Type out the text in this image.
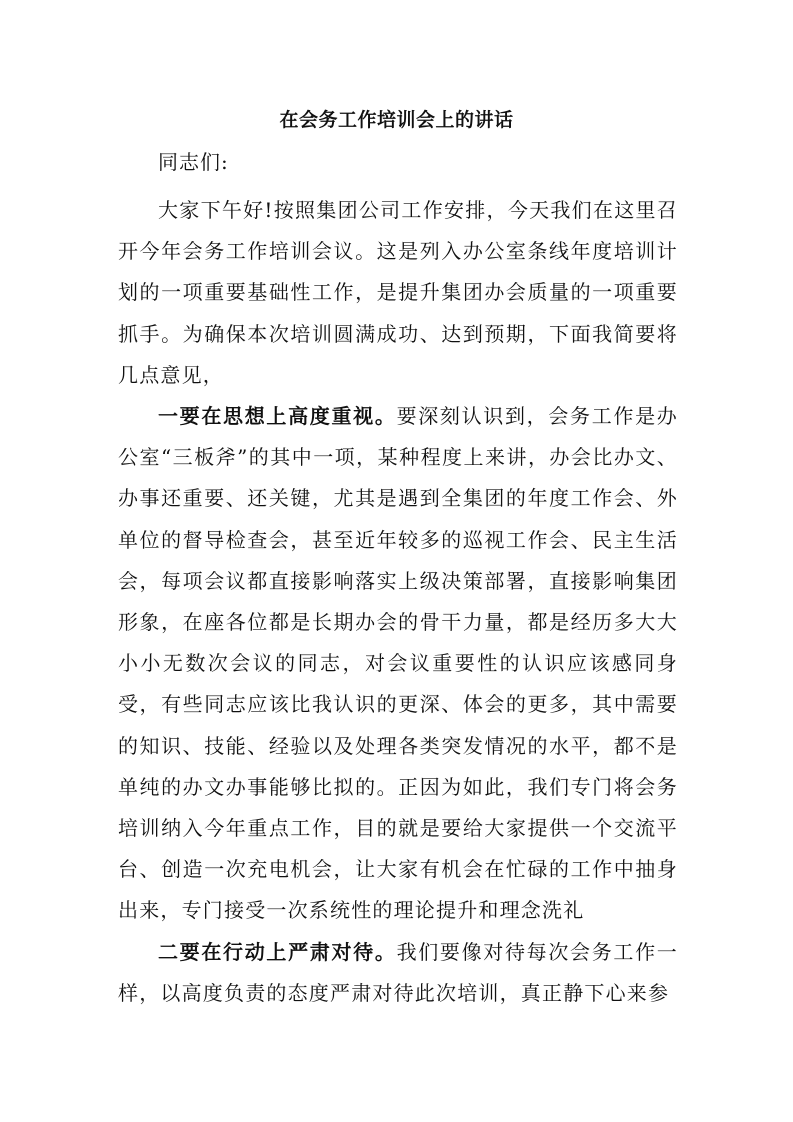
在会务工作培训会上的讲话
同志们:

大家下午好!按照集团公司工作安排，今天我们在这里召开今年会务工作培训会议。这是列入办公室条线年度培训计划的一项重要基础性工作，是提升集团办会质量的一项重要抓手。为确保本次培训圆满成功、达到预期，下面我简要将几点意见，

一要在思想上高度重视。要深刻认识到，会务工作是办公室“三板斧”的其中一项，某种程度上来讲，办会比办文、办事还重要、还关键，尤其是遇到全集团的年度工作会、外单位的督导检查会，甚至近年较多的巡视工作会、民主生活会，每项会议都直接影响落实上级决策部署，直接影响集团形象，在座各位都是长期办会的骨干力量，都是经历多大大小小无数次会议的同志，对会议重要性的认识应该感同身受，有些同志应该比我认识的更深、体会的更多，其中需要的知识、技能、经验以及处理各类突发情况的水平，都不是单纯的办文办事能够比拟的。正因为如此，我们专门将会务培训纳入今年重点工作，目的就是要给大家提供一个交流平台、创造一次充电机会，让大家有机会在忙碌的工作中抽身出来，专门接受一次系统性的理论提升和理念洗礼

二要在行动上严肃对待。我们要像对待每次会务工作一样，以高度负责的态度严肃对待此次培训，真正静下心来参
